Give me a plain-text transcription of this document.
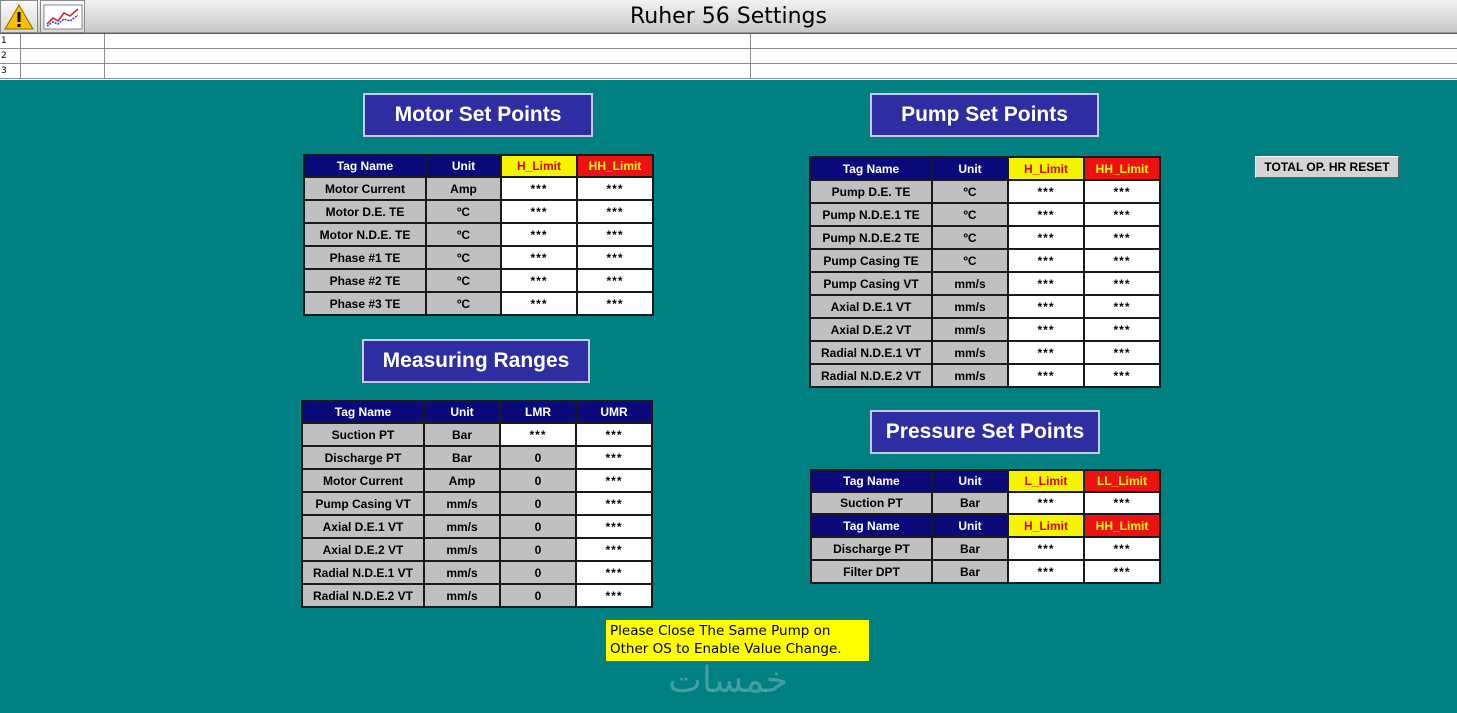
Ruher 56 Settings
1
2
3
Motor Set Points
Tag Name	Unit	H_Limit	HH_Limit
Motor Current	Amp	***	***
Motor D.E. TE	ºC	***	***
Motor N.D.E. TE	ºC	***	***
Phase #1 TE	ºC	***	***
Phase #2 TE	ºC	***	***
Phase #3 TE	ºC	***	***
Measuring Ranges
Tag Name	Unit	LMR	UMR
Suction PT	Bar	***	***
Discharge PT	Bar	0	***
Motor Current	Amp	0	***
Pump Casing VT	mm/s	0	***
Axial D.E.1 VT	mm/s	0	***
Axial D.E.2 VT	mm/s	0	***
Radial N.D.E.1 VT	mm/s	0	***
Radial N.D.E.2 VT	mm/s	0	***
Pump Set Points
Tag Name	Unit	H_Limit	HH_Limit
Pump D.E. TE	ºC	***	***
Pump N.D.E.1 TE	ºC	***	***
Pump N.D.E.2 TE	ºC	***	***
Pump Casing TE	ºC	***	***
Pump Casing VT	mm/s	***	***
Axial D.E.1 VT	mm/s	***	***
Axial D.E.2 VT	mm/s	***	***
Radial N.D.E.1 VT	mm/s	***	***
Radial N.D.E.2 VT	mm/s	***	***
TOTAL OP. HR RESET
Pressure Set Points
Tag Name	Unit	L_Limit	LL_Limit
Suction PT	Bar	***	***
Tag Name	Unit	H_Limit	HH_Limit
Discharge PT	Bar	***	***
Filter DPT	Bar	***	***
Please Close The Same Pump on
Other OS to Enable Value Change.
خمسات
